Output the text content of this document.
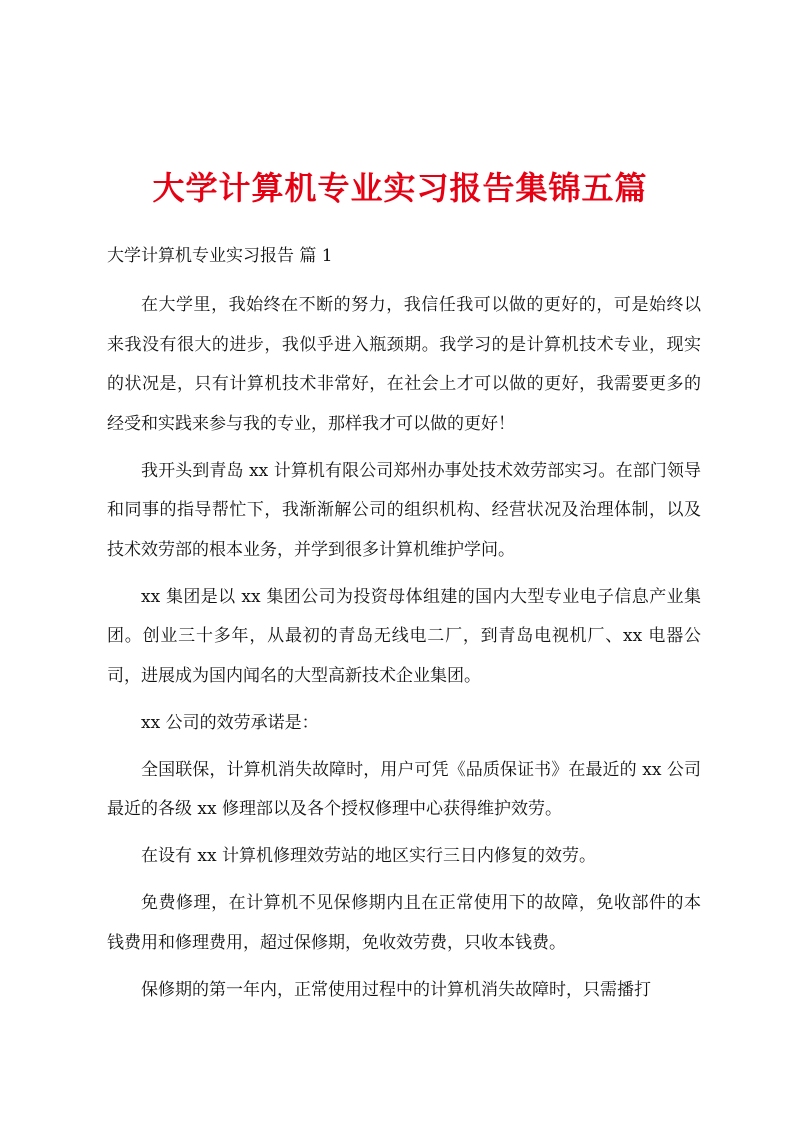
大学计算机专业实习报告集锦五篇
大学计算机专业实习报告 篇 1

在大学里，我始终在不断的努力，我信任我可以做的更好的，可是始终以来我没有很大的进步，我似乎进入瓶颈期。我学习的是计算机技术专业，现实的状况是，只有计算机技术非常好，在社会上才可以做的更好，我需要更多的经受和实践来参与我的专业，那样我才可以做的更好！

我开头到青岛 xx 计算机有限公司郑州办事处技术效劳部实习。在部门领导和同事的指导帮忙下，我渐渐解公司的组织机构、经营状况及治理体制，以及技术效劳部的根本业务，并学到很多计算机维护学问。

xx 集团是以 xx 集团公司为投资母体组建的国内大型专业电子信息产业集团。创业三十多年，从最初的青岛无线电二厂，到青岛电视机厂、xx 电器公司，进展成为国内闻名的大型高新技术企业集团。

xx 公司的效劳承诺是：

全国联保，计算机消失故障时，用户可凭《品质保证书》在最近的 xx 公司最近的各级 xx 修理部以及各个授权修理中心获得维护效劳。

在设有 xx 计算机修理效劳站的地区实行三日内修复的效劳。

免费修理，在计算机不见保修期内且在正常使用下的故障，免收部件的本钱费用和修理费用，超过保修期，免收效劳费，只收本钱费。

保修期的第一年内，正常使用过程中的计算机消失故障时，只需播打
